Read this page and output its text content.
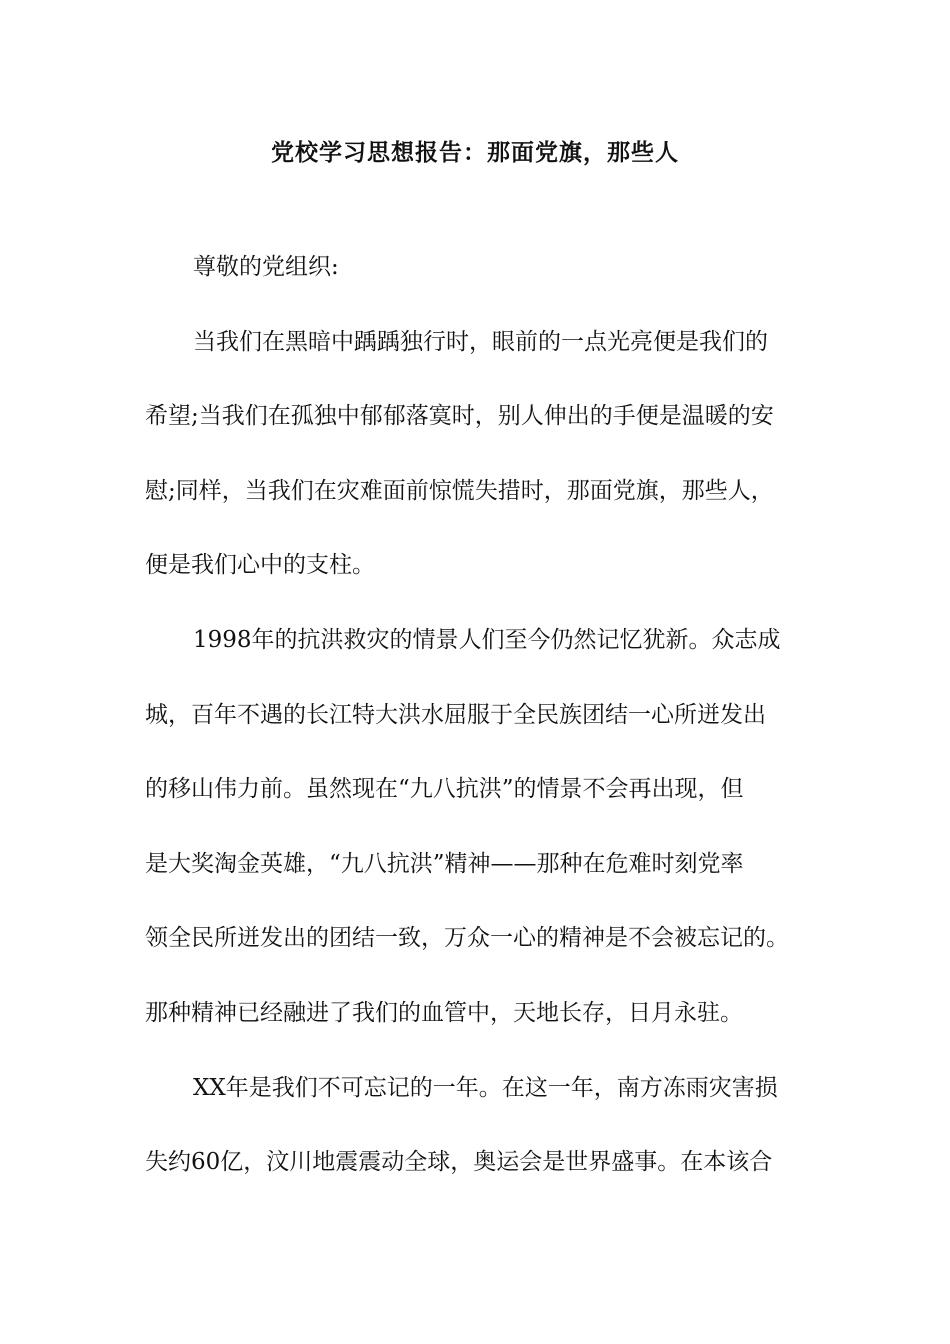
党校学习思想报告：那面党旗，那些人
尊敬的党组织:
当我们在黑暗中踽踽独行时，眼前的一点光亮便是我们的
希望;当我们在孤独中郁郁落寞时，别人伸出的手便是温暖的安
慰;同样，当我们在灾难面前惊慌失措时，那面党旗，那些人，
便是我们心中的支柱。
1998年的抗洪救灾的情景人们至今仍然记忆犹新。众志成
城，百年不遇的长江特大洪水屈服于全民族团结一心所迸发出
的移山伟力前。虽然现在“九八抗洪”的情景不会再出现，但
是大奖淘金英雄，“九八抗洪”精神——那种在危难时刻党率
领全民所迸发出的团结一致，万众一心的精神是不会被忘记的。
那种精神已经融进了我们的血管中，天地长存，日月永驻。
XX年是我们不可忘记的一年。在这一年，南方冻雨灾害损
失约60亿，汶川地震震动全球，奥运会是世界盛事。在本该合
